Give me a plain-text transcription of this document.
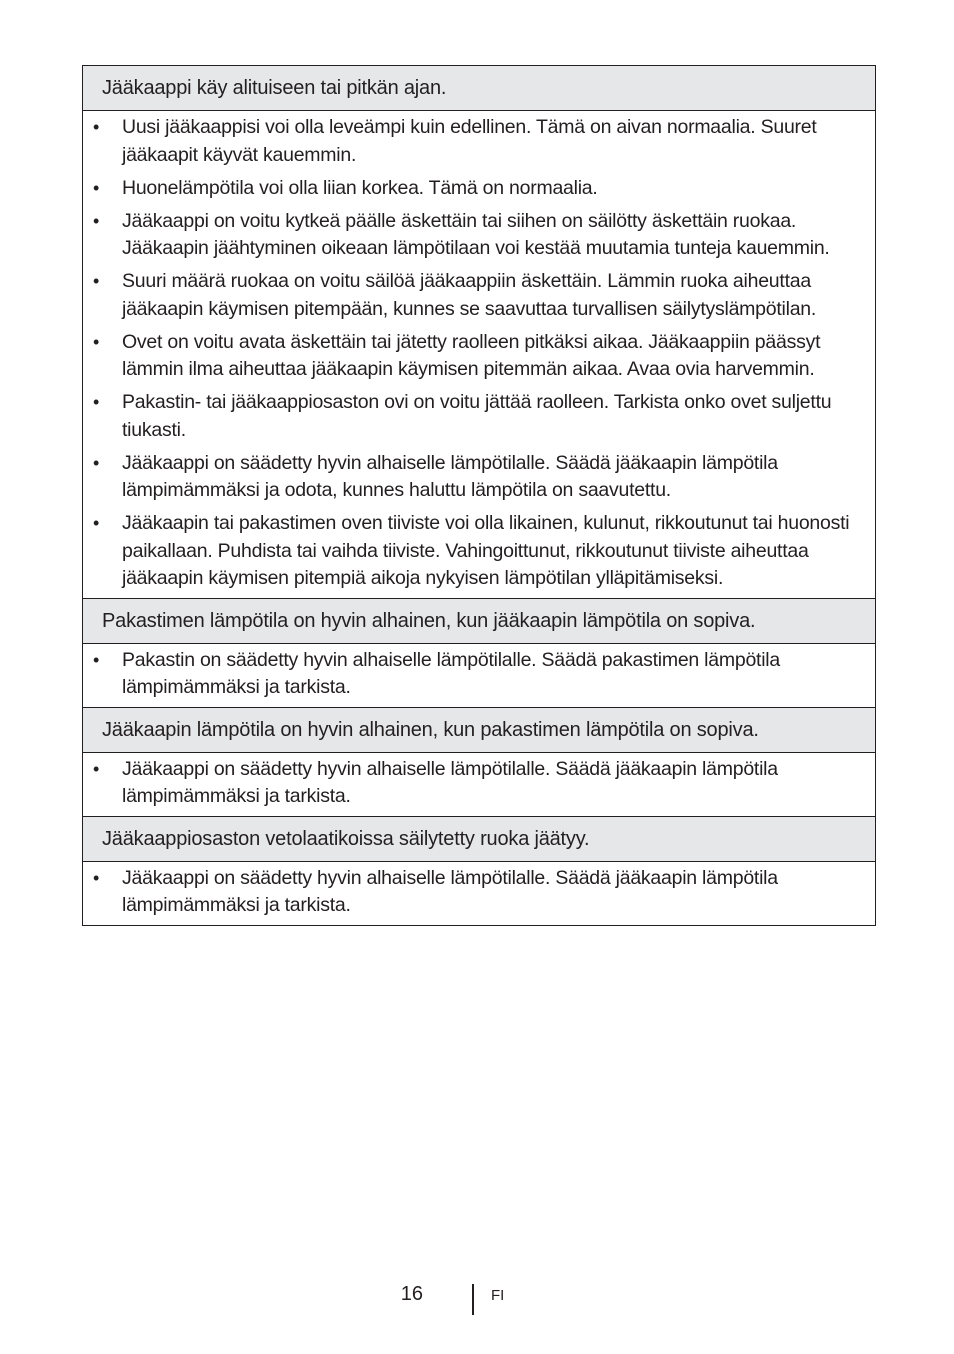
Jääkaappi käy alituiseen tai pitkän ajan.
• Uusi jääkaappisi voi olla leveämpi kuin edellinen. Tämä on aivan normaalia. Suuret jääkaapit käyvät kauemmin.
• Huonelämpötila voi olla liian korkea. Tämä on normaalia.
• Jääkaappi on voitu kytkeä päälle äskettäin tai siihen on säilötty äskettäin ruokaa. Jääkaapin jäähtyminen oikeaan lämpötilaan voi kestää muutamia tunteja kauemmin.
• Suuri määrä ruokaa on voitu säilöä jääkaappiin äskettäin. Lämmin ruoka aiheuttaa jääkaapin käymisen pitempään, kunnes se saavuttaa turvallisen säilytyslämpötilan.
• Ovet on voitu avata äskettäin tai jätetty raolleen pitkäksi aikaa. Jääkaappiin päässyt lämmin ilma aiheuttaa jääkaapin käymisen pitemmän aikaa. Avaa ovia harvemmin.
• Pakastin- tai jääkaappiosaston ovi on voitu jättää raolleen. Tarkista onko ovet suljettu tiukasti.
• Jääkaappi on säädetty hyvin alhaiselle lämpötilalle. Säädä jääkaapin lämpötila lämpimämmäksi ja odota, kunnes haluttu lämpötila on saavutettu.
• Jääkaapin tai pakastimen oven tiiviste voi olla likainen, kulunut, rikkoutunut tai huonosti paikallaan. Puhdista tai vaihda tiiviste. Vahingoittunut, rikkoutunut tiiviste aiheuttaa jääkaapin käymisen pitempiä aikoja nykyisen lämpötilan ylläpitämiseksi.
Pakastimen lämpötila on hyvin alhainen, kun jääkaapin lämpötila on sopiva.
• Pakastin on säädetty hyvin alhaiselle lämpötilalle. Säädä pakastimen lämpötila lämpimämmäksi ja tarkista.
Jääkaapin lämpötila on hyvin alhainen, kun pakastimen lämpötila on sopiva.
• Jääkaappi on säädetty hyvin alhaiselle lämpötilalle. Säädä jääkaapin lämpötila lämpimämmäksi ja tarkista.
Jääkaappiosaston vetolaatikoissa säilytetty ruoka jäätyy.
• Jääkaappi on säädetty hyvin alhaiselle lämpötilalle. Säädä jääkaapin lämpötila lämpimämmäksi ja tarkista.
16	FI
